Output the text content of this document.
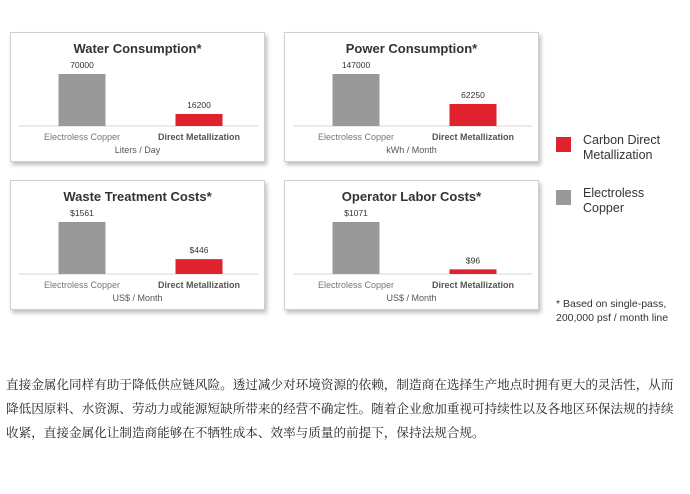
Water Consumption*
70000
Electroless Copper
16200
Direct Metallization
Liters / Day
Power Consumption*
147000
Electroless Copper
62250
Direct Metallization
kWh / Month
Waste Treatment Costs*
$1561
Electroless Copper
$446
Direct Metallization
US$ / Month
Operator Labor Costs*
$1071
Electroless Copper
$96
Direct Metallization
US$ / Month
Carbon Direct Metallization
Electroless Copper
* Based on single-pass, 200,000 psf / month line

直接金属化同样有助于降低供应链风险。透过减少对环境资源的依赖，制造商在选择生产地点时拥有更大的灵活性，从而降低因原料、水资源、劳动力或能源短缺所带来的经营不确定性。随着企业愈加重视可持续性以及各地区环保法规的持续收紧，直接金属化让制造商能够在不牺牲成本、效率与质量的前提下，保持法规合规。
